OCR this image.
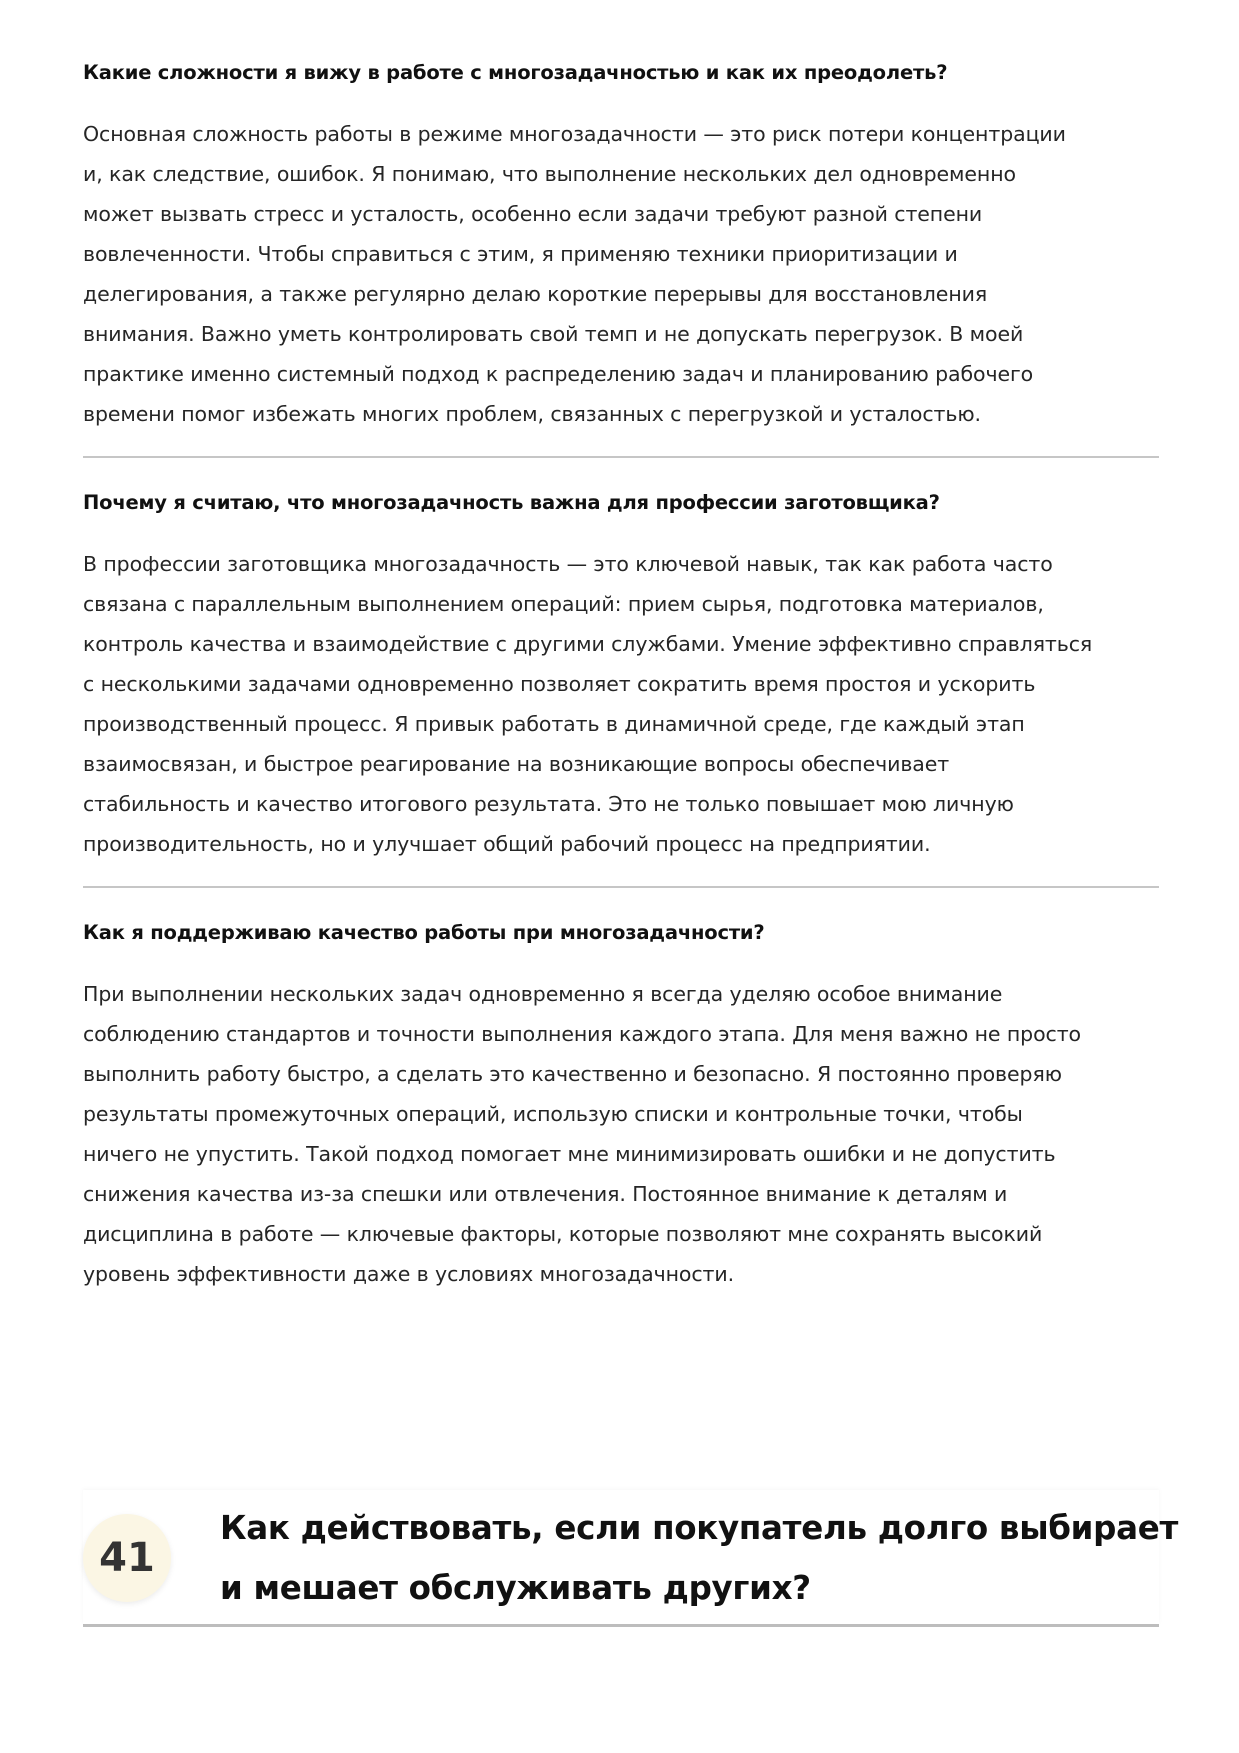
Какие сложности я вижу в работе с многозадачностью и как их преодолеть?

Основная сложность работы в режиме многозадачности — это риск потери концентрации
и, как следствие, ошибок. Я понимаю, что выполнение нескольких дел одновременно
может вызвать стресс и усталость, особенно если задачи требуют разной степени
вовлеченности. Чтобы справиться с этим, я применяю техники приоритизации и
делегирования, а также регулярно делаю короткие перерывы для восстановления
внимания. Важно уметь контролировать свой темп и не допускать перегрузок. В моей
практике именно системный подход к распределению задач и планированию рабочего
времени помог избежать многих проблем, связанных с перегрузкой и усталостью.

Почему я считаю, что многозадачность важна для профессии заготовщика?

В профессии заготовщика многозадачность — это ключевой навык, так как работа часто
связана с параллельным выполнением операций: прием сырья, подготовка материалов,
контроль качества и взаимодействие с другими службами. Умение эффективно справляться
с несколькими задачами одновременно позволяет сократить время простоя и ускорить
производственный процесс. Я привык работать в динамичной среде, где каждый этап
взаимосвязан, и быстрое реагирование на возникающие вопросы обеспечивает
стабильность и качество итогового результата. Это не только повышает мою личную
производительность, но и улучшает общий рабочий процесс на предприятии.

Как я поддерживаю качество работы при многозадачности?

При выполнении нескольких задач одновременно я всегда уделяю особое внимание
соблюдению стандартов и точности выполнения каждого этапа. Для меня важно не просто
выполнить работу быстро, а сделать это качественно и безопасно. Я постоянно проверяю
результаты промежуточных операций, использую списки и контрольные точки, чтобы
ничего не упустить. Такой подход помогает мне минимизировать ошибки и не допустить
снижения качества из-за спешки или отвлечения. Постоянное внимание к деталям и
дисциплина в работе — ключевые факторы, которые позволяют мне сохранять высокий
уровень эффективности даже в условиях многозадачности.

41
Как действовать, если покупатель долго выбирает
и мешает обслуживать других?
